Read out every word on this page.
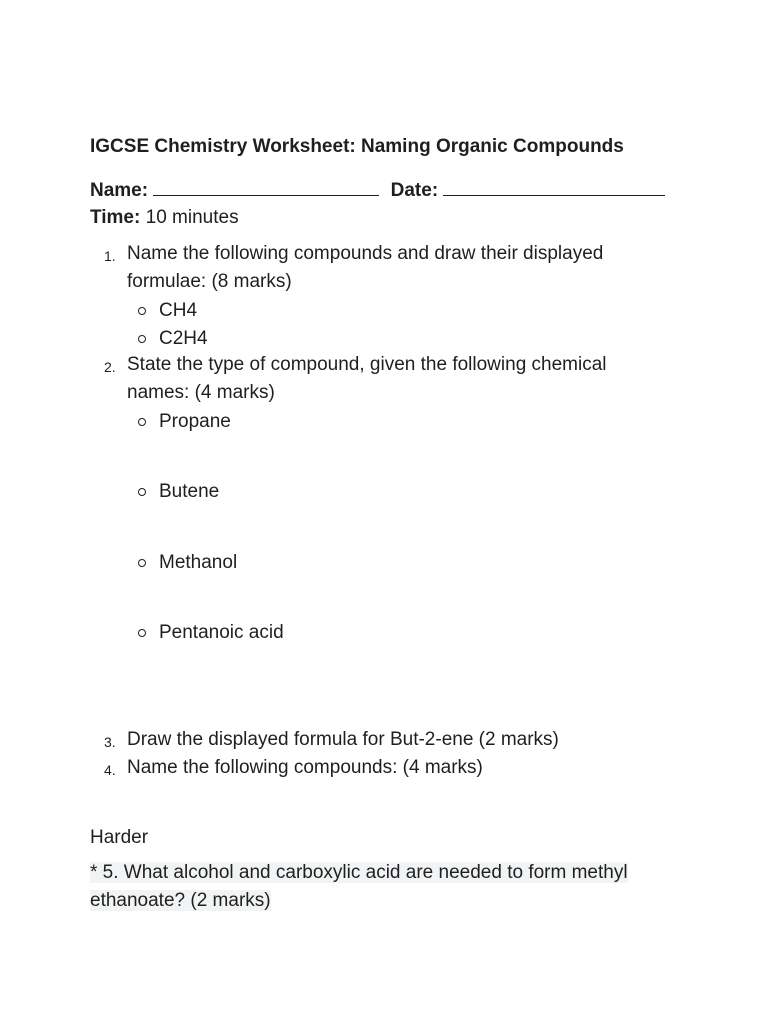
IGCSE Chemistry Worksheet: Naming Organic Compounds
Name:	Date:
Time: 10 minutes
1. Name the following compounds and draw their displayed formulae: (8 marks)
CH4
C2H4
2. State the type of compound, given the following chemical names: (4 marks)
Propane
Butene
Methanol
Pentanoic acid
3. Draw the displayed formula for But-2-ene (2 marks)
4. Name the following compounds: (4 marks)
Harder
* 5. What alcohol and carboxylic acid are needed to form methyl
ethanoate? (2 marks)
